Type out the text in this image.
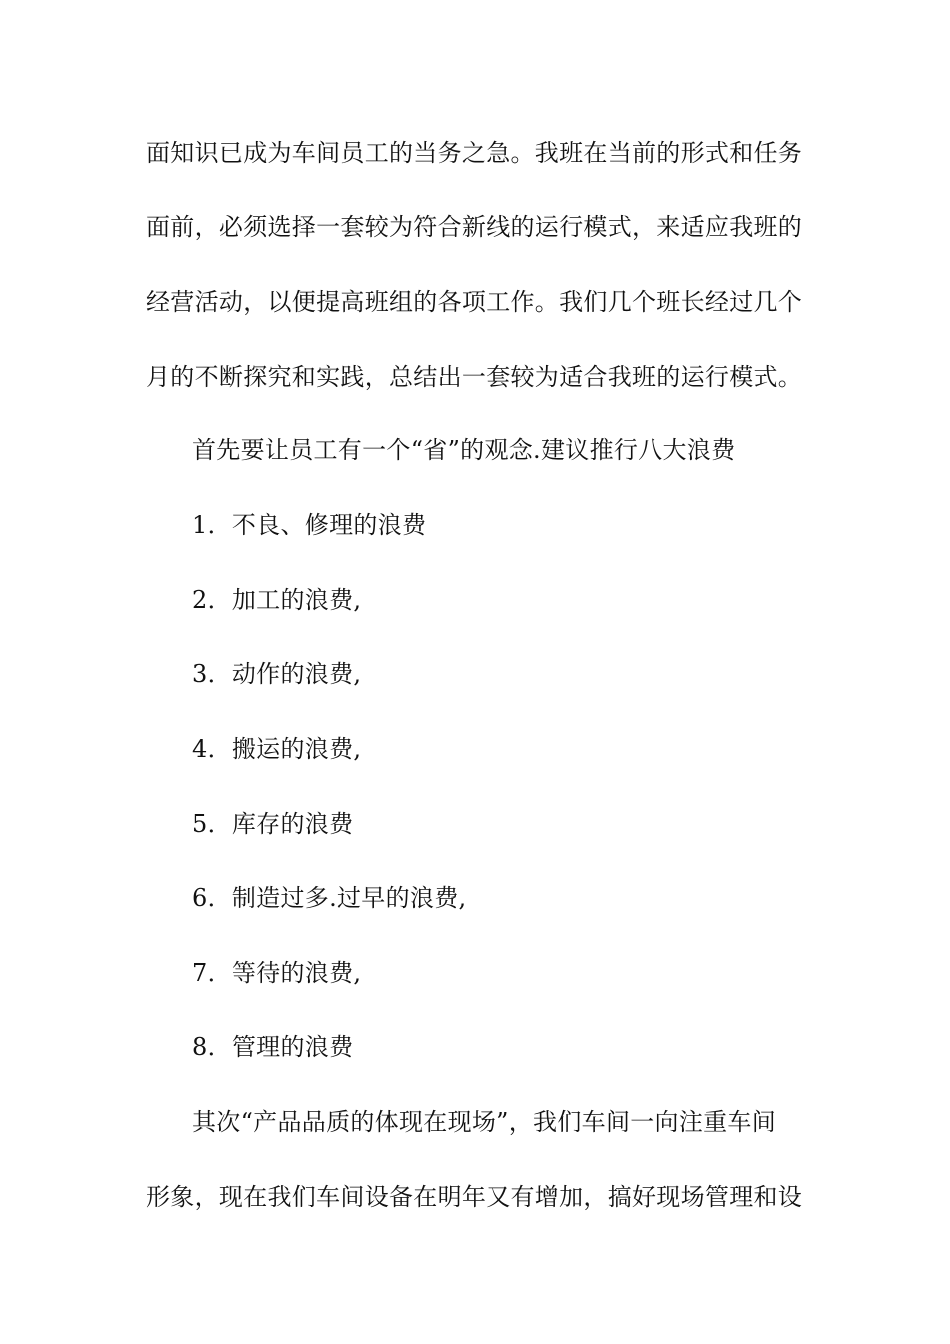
面知识已成为车间员工的当务之急。我班在当前的形式和任务
面前，必须选择一套较为符合新线的运行模式，来适应我班的
经营活动，以便提高班组的各项工作。我们几个班长经过几个
月的不断探究和实践，总结出一套较为适合我班的运行模式。
首先要让员工有一个“省”的观念.建议推行八大浪费
1．不良、修理的浪费
2．加工的浪费,
3．动作的浪费,
4．搬运的浪费,
5．库存的浪费
6．制造过多.过早的浪费,
7．等待的浪费,
8．管理的浪费
其次“产品品质的体现在现场”，我们车间一向注重车间
形象，现在我们车间设备在明年又有增加，搞好现场管理和设
